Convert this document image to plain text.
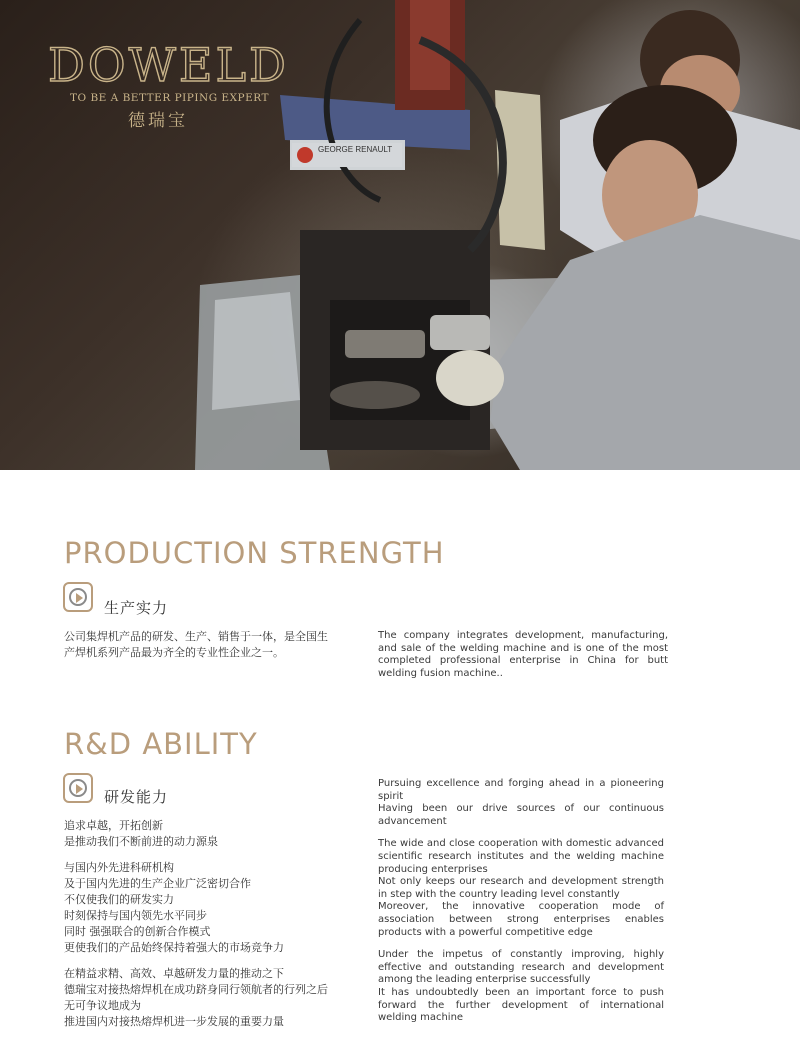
GEORGE RENAULT
DOWELD
TO BE A BETTER PIPING EXPERT
德瑞宝
PRODUCTION STRENGTH
生产实力

公司集焊机产品的研发、生产、销售于一体，是全国生

产焊机系列产品最为齐全的专业性企业之一。

The company integrates development, manufacturing, and sale of the welding machine and is one of the most completed professional enterprise in China for butt welding fusion machine..

R&D ABILITY
研发能力

追求卓越，开拓创新

是推动我们不断前进的动力源泉

与国内外先进科研机构

及于国内先进的生产企业广泛密切合作

不仅使我们的研发实力

时刻保持与国内领先水平同步

同时 强强联合的创新合作模式

更使我们的产品始终保持着强大的市场竞争力

在精益求精、高效、卓越研发力量的推动之下

德瑞宝对接热熔焊机在成功跻身同行领航者的行列之后

无可争议地成为

推进国内对接热熔焊机进一步发展的重要力量

Pursuing excellence and forging ahead in a pioneering spirit

Having been our drive sources of our continuous advancement

The wide and close cooperation with domestic advanced scientific research institutes and the welding machine producing enterprises

Not only keeps our research and development strength in step with the country leading level constantly

Moreover, the innovative cooperation mode of association between strong enterprises enables products with a powerful competitive edge

Under the impetus of constantly improving, highly effective and outstanding research and development among the leading enterprise successfully

It has undoubtedly been an important force to push forward the further development of international welding machine
